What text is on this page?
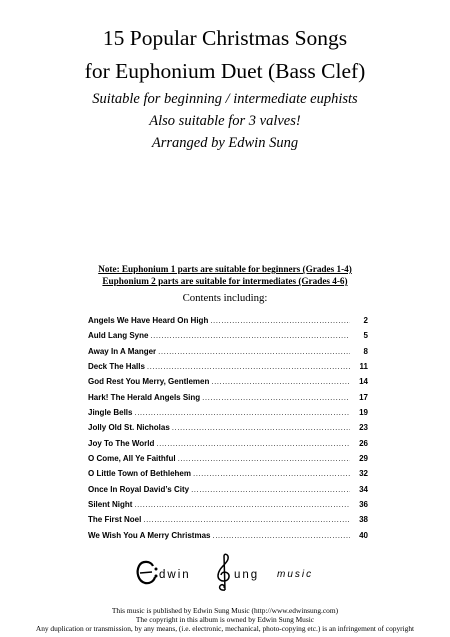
15 Popular Christmas Songs
for Euphonium Duet (Bass Clef)
Suitable for beginning / intermediate euphists
Also suitable for 3 valves!
Arranged by Edwin Sung
Note: Euphonium 1 parts are suitable for beginners (Grades 1-4)
Euphonium 2 parts are suitable for intermediates (Grades 4-6)
Contents including:
Angels We Have Heard On High .....	2
Auld Lang Syne .....	5
Away In A Manger .....	8
Deck The Halls .....	11
God Rest You Merry, Gentlemen .....	14
Hark! The Herald Angels Sing .....	17
Jingle Bells .....	19
Jolly Old St. Nicholas .....	23
Joy To The World .....	26
O Come, All Ye Faithful .....	29
O Little Town of Bethlehem .....	32
Once In Royal David’s City .....	34
Silent Night .....	36
The First Noel .....	38
We Wish You A Merry Christmas .....	40
dwin	ung music
This music is published by Edwin Sung Music (http://www.edwinsung.com)
The copyright in this album is owned by Edwin Sung Music
Any duplication or transmission, by any means, (i.e. electronic, mechanical, photo-copying etc.) is an infringement of copyright
